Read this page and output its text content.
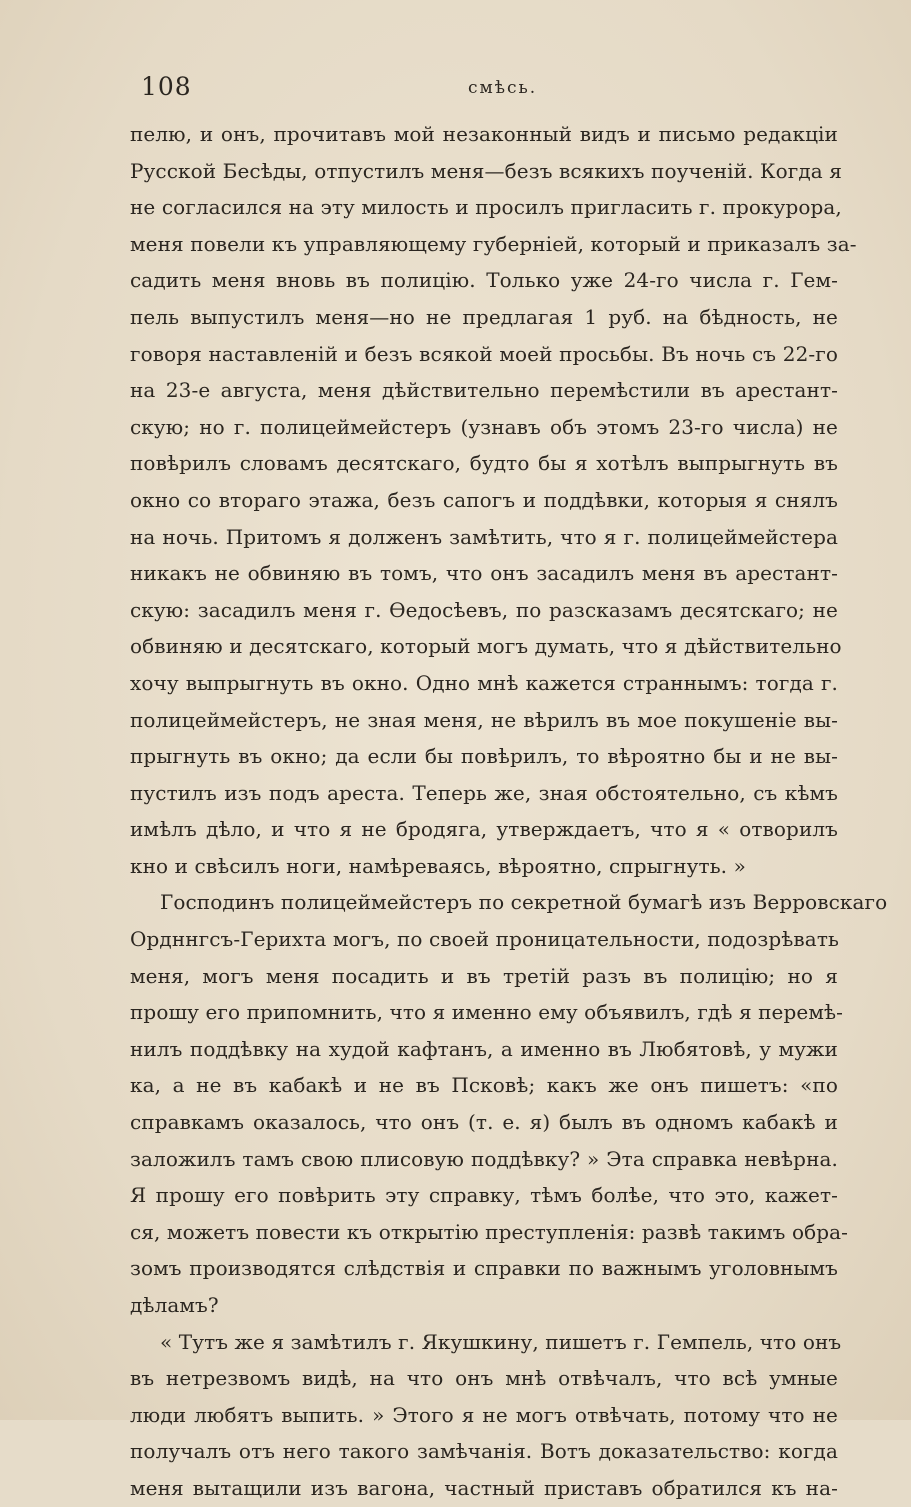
108	смѣсь.
пелю, и онъ, прочитавъ мой незаконный видъ и письмо редакціи
Русской Бесѣды, отпустилъ меня—безъ всякихъ поученій. Когда я
не согласился на эту милость и просилъ пригласить г. прокурора,
меня повели къ управляющему губерніей, который и приказалъ за-
садить меня вновь въ полицію. Только уже 24-го числа г. Гем-
пель выпустилъ меня—но не предлагая 1 руб. на бѣдность, не
говоря наставленій и безъ всякой моей просьбы. Въ ночь съ 22-го
на 23-е августа, меня дѣйствительно перемѣстили въ арестант-
скую; но г. полицеймейстеръ (узнавъ объ этомъ 23-го числа) не
повѣрилъ словамъ десятскаго, будто бы я хотѣлъ выпрыгнуть въ
окно со втораго этажа, безъ сапогъ и поддѣвки, которыя я снялъ
на ночь. Притомъ я долженъ замѣтить, что я г. полицеймейстера
никакъ не обвиняю въ томъ, что онъ засадилъ меня въ арестант-
скую: засадилъ меня г. Ѳедосѣевъ, по разсказамъ десятскаго; не
обвиняю и десятскаго, который могъ думать, что я дѣйствительно
хочу выпрыгнуть въ окно. Одно мнѣ кажется страннымъ: тогда г.
полицеймейстеръ, не зная меня, не вѣрилъ въ мое покушеніе вы-
прыгнуть въ окно; да если бы повѣрилъ, то вѣроятно бы и не вы-
пустилъ изъ подъ ареста. Теперь же, зная обстоятельно, съ кѣмъ
имѣлъ дѣло, и что я не бродяга, утверждаетъ, что я « отворилъ
кно и свѣсилъ ноги, намѣреваясь, вѣроятно, спрыгнуть. »
Господинъ полицеймейстеръ по секретной бумагѣ изъ Верровскаго
Ордннгсъ-Герихта могъ, по своей проницательности, подозрѣвать
меня, могъ меня посадить и въ третій разъ въ полицію; но я
прошу его припомнить, что я именно ему объявилъ, гдѣ я перемѣ-
нилъ поддѣвку на худой кафтанъ, а именно въ Любятовѣ, у мужи
ка, а не въ кабакѣ и не въ Псковѣ; какъ же онъ пишетъ: «по
справкамъ оказалось, что онъ (т. е. я) былъ въ одномъ кабакѣ и
заложилъ тамъ свою плисовую поддѣвку? » Эта справка невѣрна.
Я прошу его повѣрить эту справку, тѣмъ болѣе, что это, кажет-
ся, можетъ повести къ открытію преступленія: развѣ такимъ обра-
зомъ производятся слѣдствія и справки по важнымъ уголовнымъ
дѣламъ?
« Тутъ же я замѣтилъ г. Якушкину, пишетъ г. Гемпель, что онъ
въ нетрезвомъ видѣ, на что онъ мнѣ отвѣчалъ, что всѣ умные
люди любятъ выпить. » Этого я не могъ отвѣчать, потому что не
получалъ отъ него такого замѣчанія. Вотъ доказательство: когда
меня вытащили изъ вагона, частный приставъ обратился къ на-
